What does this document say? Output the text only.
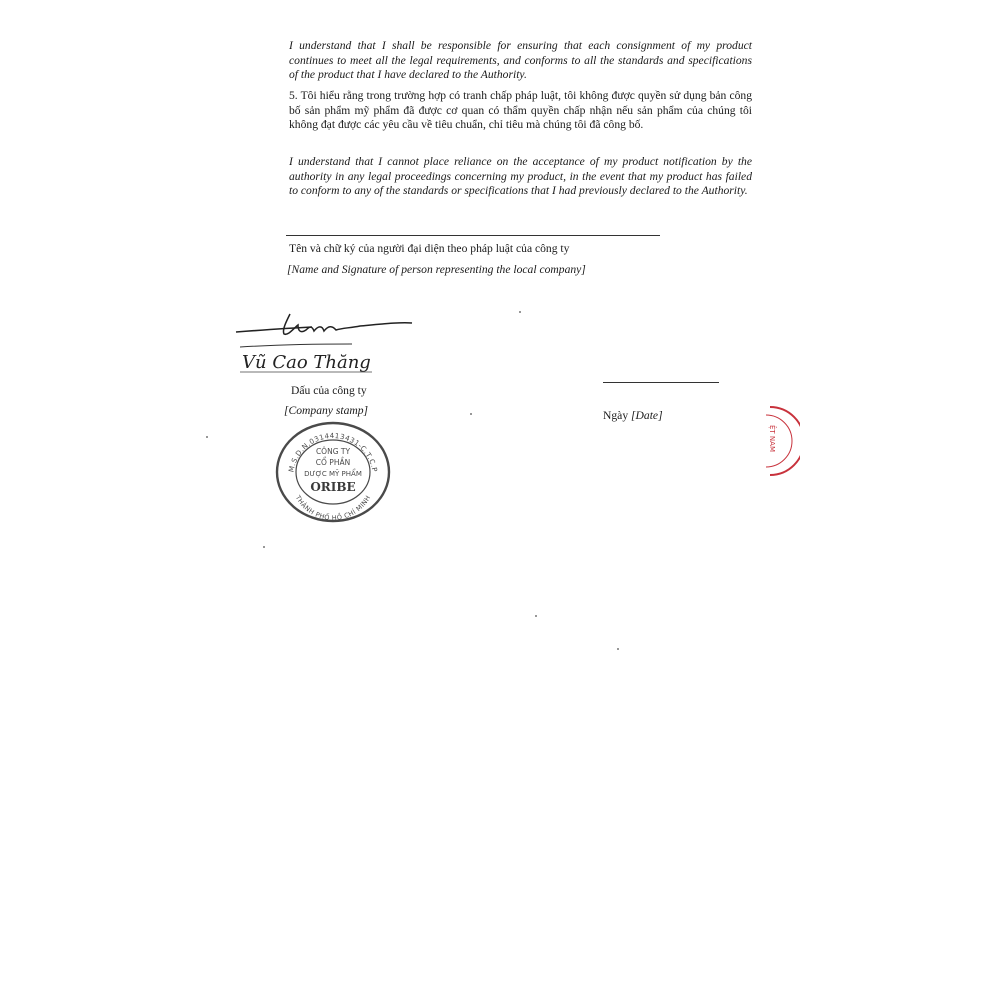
I understand that I shall be responsible for ensuring that each consignment of my product continues to meet all the legal requirements, and conforms to all the standards and specifications of the product that I have declared to the Authority.

5. Tôi hiểu rằng trong trường hợp có tranh chấp pháp luật, tôi không được quyền sử dụng bản công bố sản phẩm mỹ phẩm đã được cơ quan có thẩm quyền chấp nhận nếu sản phẩm của chúng tôi không đạt được các yêu cầu về tiêu chuẩn, chỉ tiêu mà chúng tôi đã công bố.

I understand that I cannot place reliance on the acceptance of my product notification by the authority in any legal proceedings concerning my product, in the event that my product has failed to conform to any of the standards or specifications that I had previously declared to the Authority.

Tên và chữ ký của người đại diện theo pháp luật của công ty

[Name and Signature of person representing the local company]

Vũ Cao Thăng

Dấu của công ty

[Company stamp]	Ngày [Date]

M.S.D.N.0314413431-C.T.C.P
THÀNH PHỐ HỒ CHÍ MINH
CÔNG TY
CỔ PHẦN
DƯỢC MỸ PHẨM
ORIBE
ỆT NAM
